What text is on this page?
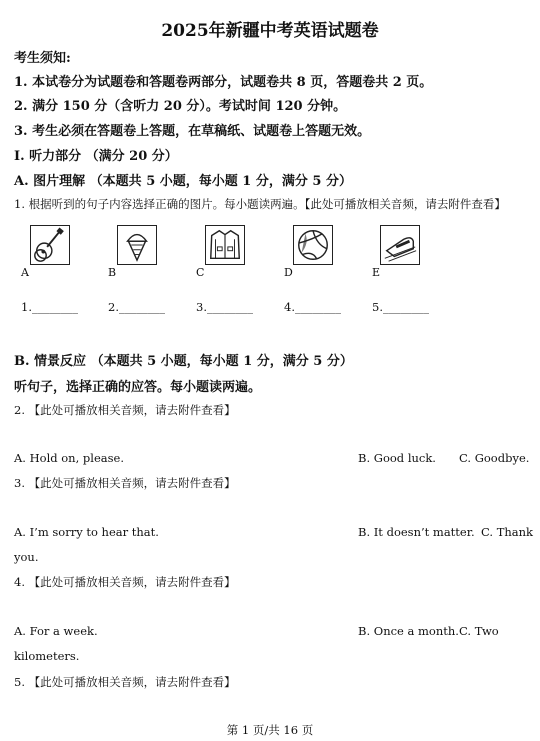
2025年新疆中考英语试题卷
考生须知:
1. 本试卷分为试题卷和答题卷两部分，试题卷共 8 页，答题卷共 2 页。
2. 满分 150 分（含听力 20 分）。考试时间 120 分钟。
3. 考生必须在答题卷上答题，在草稿纸、试题卷上答题无效。
I. 听力部分 （满分 20 分）
A. 图片理解 （本题共 5 小题，每小题 1 分，满分 5 分）
1. 根据听到的句子内容选择正确的图片。每小题读两遍。【此处可播放相关音频，请去附件查看】
A	B	C	D	E
1.________	2.________	3.________	4.________	5.________
B. 情景反应 （本题共 5 小题，每小题 1 分，满分 5 分）
听句子，选择正确的应答。每小题读两遍。
2. 【此处可播放相关音频，请去附件查看】
A. Hold on, please.	B. Good luck. C. Goodbye.
3. 【此处可播放相关音频，请去附件查看】
A. I’m sorry to hear that.	B. It doesn’t matter. C. Thank
you.
4. 【此处可播放相关音频，请去附件查看】
A. For a week.	B. Once a month. C. Two
kilometers.
5. 【此处可播放相关音频，请去附件查看】
第 1 页/共 16 页
